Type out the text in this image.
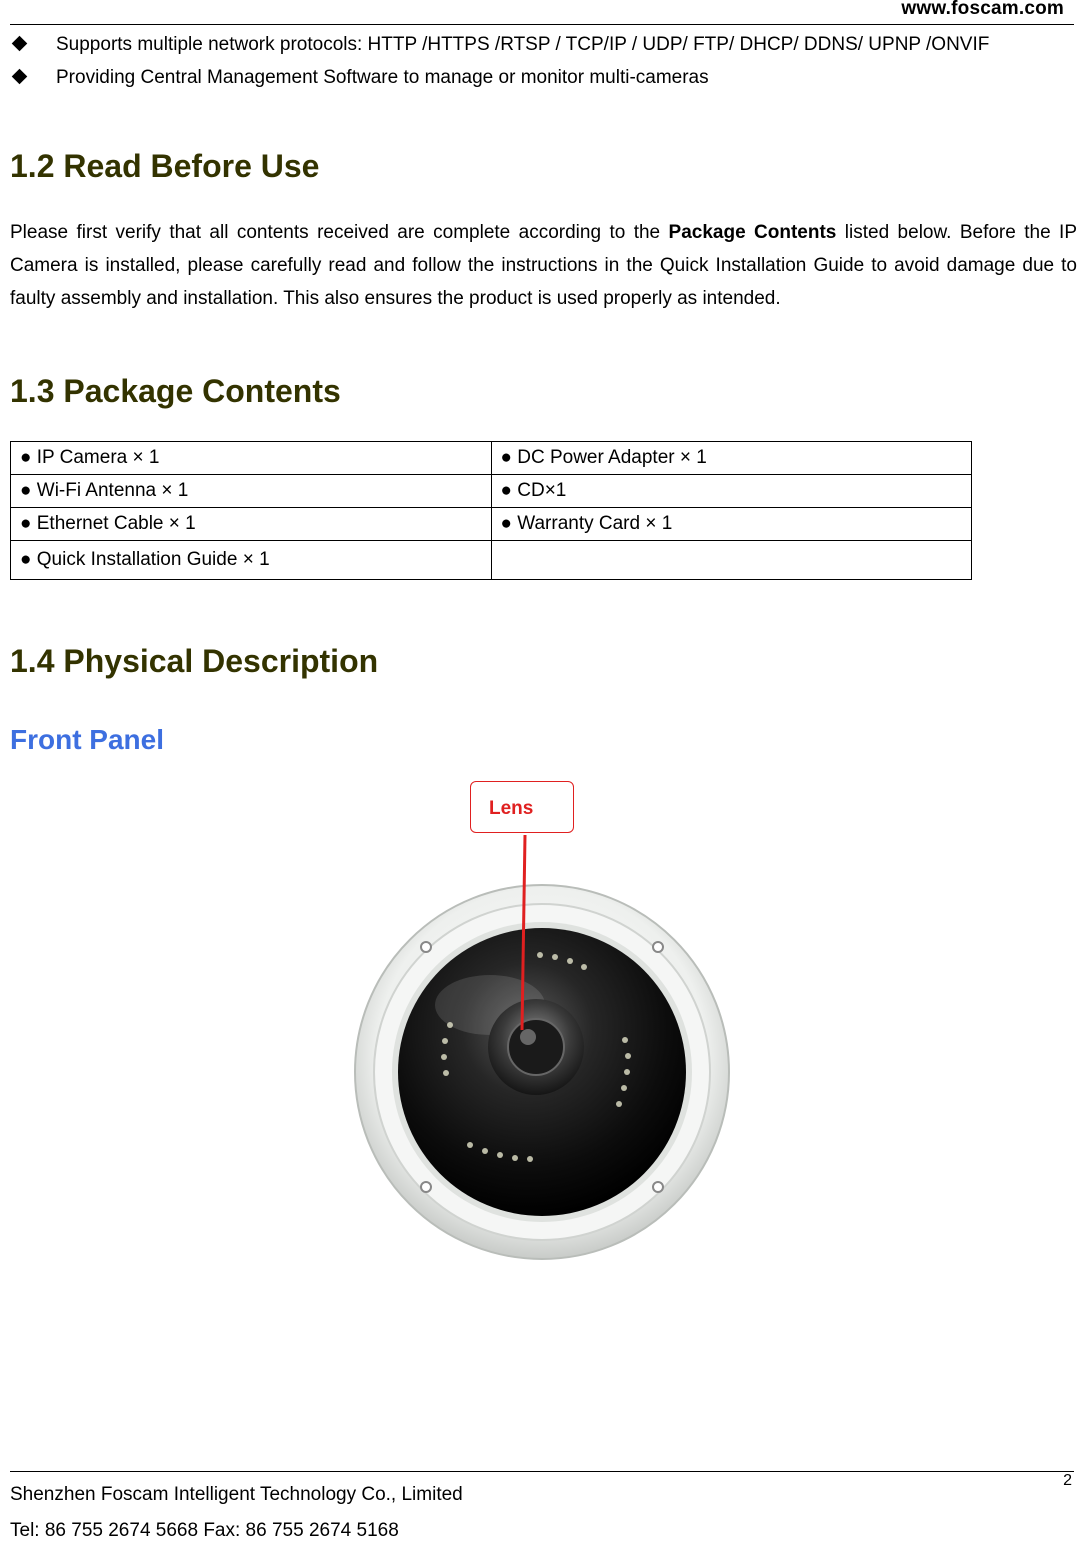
www.foscam.com
Supports multiple network protocols: HTTP /HTTPS /RTSP / TCP/IP / UDP/ FTP/ DHCP/ DDNS/ UPNP /ONVIF
Providing Central Management Software to manage or monitor multi-cameras
1.2 Read Before Use

Please first verify that all contents received are complete according to the Package Contents listed below. Before the IP Camera is installed, please carefully read and follow the instructions in the Quick Installation Guide to avoid damage due to faulty assembly and installation. This also ensures the product is used properly as intended.

1.3 Package Contents
● IP Camera × 1	● DC Power Adapter × 1
● Wi-Fi Antenna × 1	● CD×1
● Ethernet Cable × 1	● Warranty Card × 1
● Quick Installation Guide × 1	
1.4 Physical Description
Front Panel
Lens
2
Shenzhen Foscam Intelligent Technology Co., Limited
Tel: 86 755 2674 5668 Fax: 86 755 2674 5168
